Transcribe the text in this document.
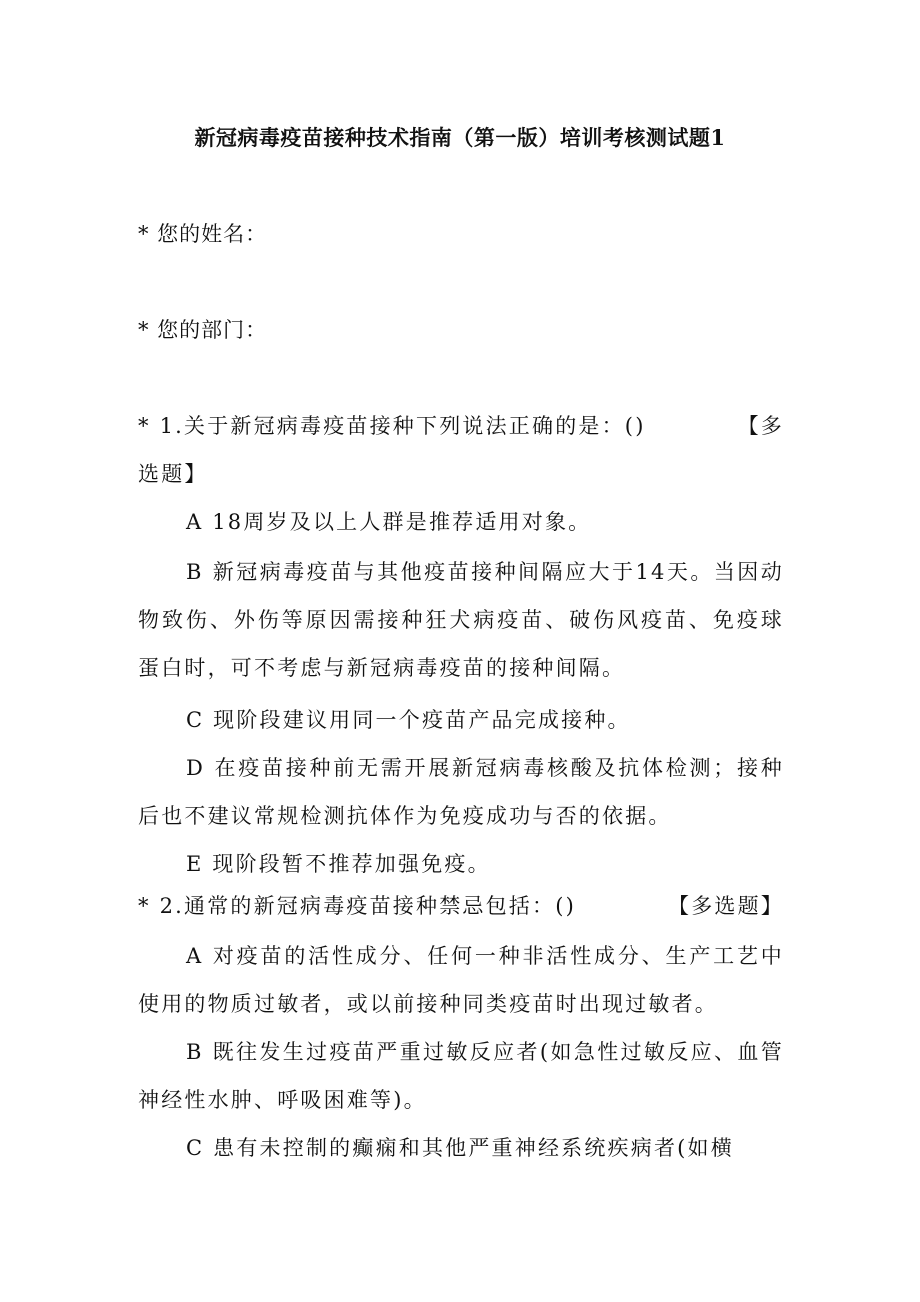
新冠病毒疫苗接种技术指南（第一版）培训考核测试题1
* 您的姓名：
* 您的部门：
【多
* 1.关于新冠病毒疫苗接种下列说法正确的是：()
选题】
A 18周岁及以上人群是推荐适用对象。
B 新冠病毒疫苗与其他疫苗接种间隔应大于14天。当因动物致伤、外伤等原因需接种狂犬病疫苗、破伤风疫苗、免疫球蛋白时，可不考虑与新冠病毒疫苗的接种间隔。
C 现阶段建议用同一个疫苗产品完成接种。
D 在疫苗接种前无需开展新冠病毒核酸及抗体检测；接种后也不建议常规检测抗体作为免疫成功与否的依据。
E 现阶段暂不推荐加强免疫。
【多选题】
* 2.通常的新冠病毒疫苗接种禁忌包括：()
A 对疫苗的活性成分、任何一种非活性成分、生产工艺中使用的物质过敏者，或以前接种同类疫苗时出现过敏者。
B 既往发生过疫苗严重过敏反应者(如急性过敏反应、血管神经性水肿、呼吸困难等)。
C 患有未控制的癫痫和其他严重神经系统疾病者(如横
